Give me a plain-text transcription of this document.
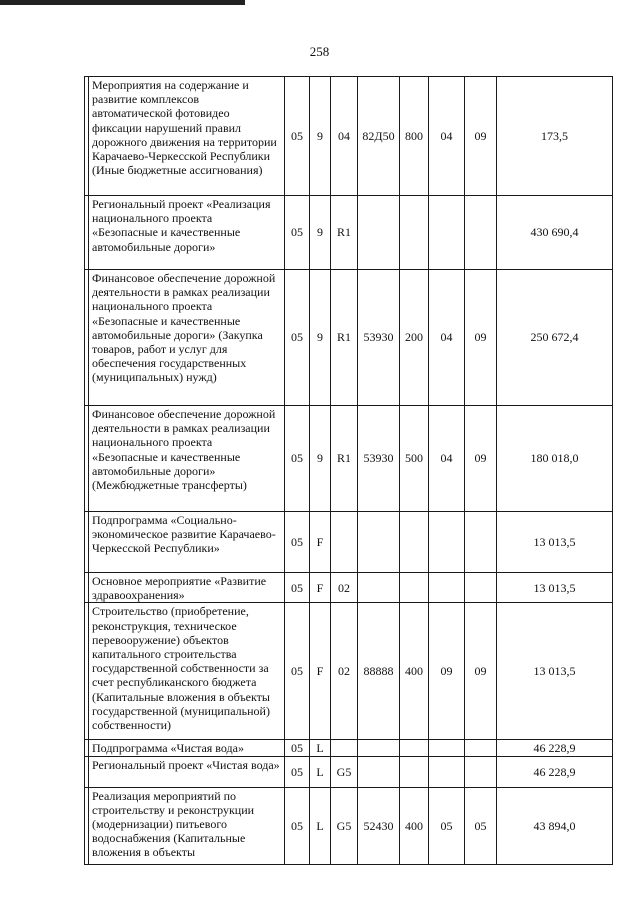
258
	Мероприятия на содержание и развитие комплексов автоматической фотовидео фиксации нарушений правил дорожного движения на территории Карачаево-Черкесской Республики (Иные бюджетные ассигнования)	05	9	04	82Д50	800	04	09	173,5
	Региональный проект «Реализация национального проекта «Безопасные и качественные автомобильные дороги»	05	9	R1					430 690,4
	Финансовое обеспечение дорожной деятельности в рамках реализации национального проекта «Безопасные и качественные автомобильные дороги» (Закупка товаров, работ и услуг для обеспечения государственных (муниципальных) нужд)	05	9	R1	53930	200	04	09	250 672,4
	Финансовое обеспечение дорожной деятельности в рамках реализации национального проекта «Безопасные и качественные автомобильные дороги» (Межбюджетные трансферты)	05	9	R1	53930	500	04	09	180 018,0
	Подпрограмма «Социально-экономическое развитие Карачаево-Черкесской Республики»	05	F						13 013,5
	Основное мероприятие «Развитие здравоохранения»	05	F	02					13 013,5
	Строительство (приобретение, реконструкция, техническое перевооружение) объектов капитального строительства государственной собственности за счет республиканского бюджета (Капитальные вложения в объекты государственной (муниципальной) собственности)	05	F	02	88888	400	09	09	13 013,5
	Подпрограмма «Чистая вода»	05	L						46 228,9
	Региональный проект «Чистая вода»	05	L	G5					46 228,9
	Реализация мероприятий по строительству и реконструкции (модернизации) питьевого водоснабжения (Капитальные вложения в объекты	05	L	G5	52430	400	05	05	43 894,0
